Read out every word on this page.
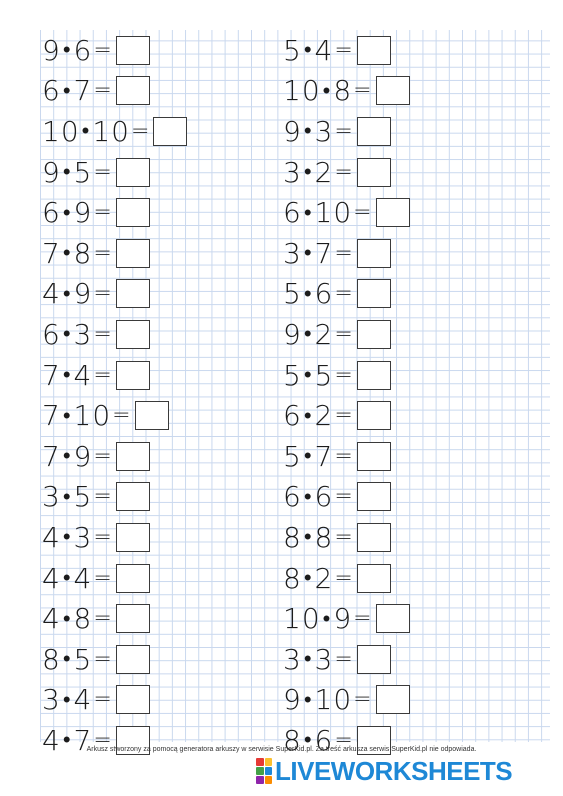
9 • 6 =
6 • 7 =
10 • 10 =
9 • 5 =
6 • 9 =
7 • 8 =
4 • 9 =
6 • 3 =
7 • 4 =
7 • 10 =
7 • 9 =
3 • 5 =
4 • 3 =
4 • 4 =
4 • 8 =
8 • 5 =
3 • 4 =
4 • 7 =
5 • 4 =
10 • 8 =
9 • 3 =
3 • 2 =
6 • 10 =
3 • 7 =
5 • 6 =
9 • 2 =
5 • 5 =
6 • 2 =
5 • 7 =
6 • 6 =
8 • 8 =
8 • 2 =
10 • 9 =
3 • 3 =
9 • 10 =
8 • 6 =
Arkusz stworzony za pomocą generatora arkuszy w serwisie SuperKid.pl. Za treść arkusza serwis SuperKid.pl nie odpowiada.
LIVEWORKSHEETS
